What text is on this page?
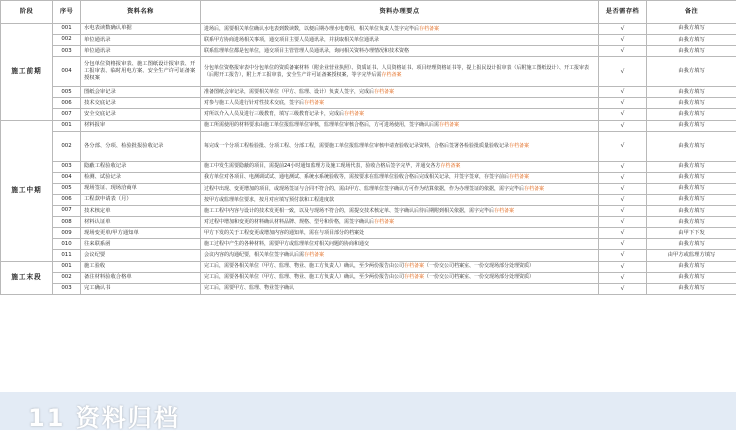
11 资料归档
阶段	序号	资料名称	资料办理要点	是否需存档	备注
施工前期	001	水电表读数确认单据	进场后，需要相关单位确认水电表到数读数，以便后期办理水电费用，相关单位负责人签字完毕后存档备案	√	由我方填写
	002	单位通讯录	联系甲方协商进场相关事项，通交项目主要人员通讯录，并获取相关单位通讯录	√	由我方填写
	003	单位通讯录	联系监理单位都是包单位，通交项目主管管理人员通讯录，询问相关资料办理情况和技术资格	√	由我方填写
	004	分包单位资格报审表、施工图纸设计报审表、开工报审表、临时用电方案、安全生产许可证备案授权案	分包单位资格报审表中分包单位的资质备案材料（附企业营业执照）、资质证书、人员资格证书、项目经理资格证书等，提上报民设计报审表（后附施工图纸设计）、开工报审表（后附开工报告），附上开工报审表，安全生产许可证备案授权案，等字完毕后需存档备案	√	由我方填写
	005	图纸会审记录	准备图纸会审记录，需要相关单位（甲方、监理、设计）负责人签字，完成后存档备案	√	由我方填写
	006	技术交底记录	对参与施工人员进行针对性技术交底，签字后存档备案	√	由我方填写
	007	安全交底记录	对所以介入人员及进行三级教育，填写三级教育记录卡，完成后存档备案	√	由我方填写
施工中期	001	材料报审	施工所需使用的材料要求由施工单位报监理单位审核，监理单位审核合格后，方可进场使用，签字确认后需存档备案	√	由我方填写
	002	各分部、分项、检验批报验收记录	每完成一个分项工程检验批、分项工程、分部工程，需要施工单位报监理单位审核申请查验收记录资料，合格后签署各检验批质量验收记录存档备案	√	由我方填写
	003	隐蔽工程验收记录	施工中发生需要隐蔽的项目，需提前24小时通知监理方及施工现场代表，验收合格后签字完毕，并通交各方存档备案	√	由我方填写
	004	检测、试验记录	我方单位对各项目、电测调试试、通电测试、系统水系统验收等，需按要求在监理单位验收合格后完成相关记录，并签字签章，存签字前后存档备案	√	由我方填写
	005	现场签证、现场洽商单	过程中出现、变更增加的项目，或现场签证与合同不符合的，需由甲方、监理单位签字确认方可作为结算依据，作为办理签证的依据，需字完毕后存档备案	√	由我方填写
	006	工程款申请表（月）	按甲方或监理单位要求，按月对应填写预付款和工程进度款	√	由我方填写
	007	技术核定单	施工工程中内容与设计的技术发更相一致，以及与现场不符合的，需提交技术核定单、签字确认后待后期附到相关依据，需字完毕后存档备案	√	由我方填写
	008	材料认证单	对过程中增加和变更的材料确认材料品牌、规格、型号和价格，需签字确认后存档备案	√	由我方填写
	009	现场变更单/甲方通知单	甲方下发的关于工程变更或增加内容的通知单，需在与项目部分的档案处	√	由甲下下发
	010	往来联系函	施工过程中产生的各种材料，需要甲方或监理单位对相关问题的协商和通交	√	由我方填写
	011	会议纪要	会议内容的沟通纪要，相关单位签字确认后需存档备案	√	由甲方或监理方填写
施工末段	001	施工验收	完工后，需要各相关单位（甲方、监理、物业、施工方负责人）确认，至少两份报告由公司存档备案（一份交公司档案室、一份交现场部分处理资质）	√	由我方填写
	002	备注材料验收合格单	完工后，需要各相关单位（甲方、监理、物业、施工方负责人）确认，至少两份报告由公司存档备案（一份交公司档案室、一份交现场部分处理资质）	√	由我方填写
	003	完工确认书	完工后，需要甲方、监理、物业签字确认	√	由我方填写
